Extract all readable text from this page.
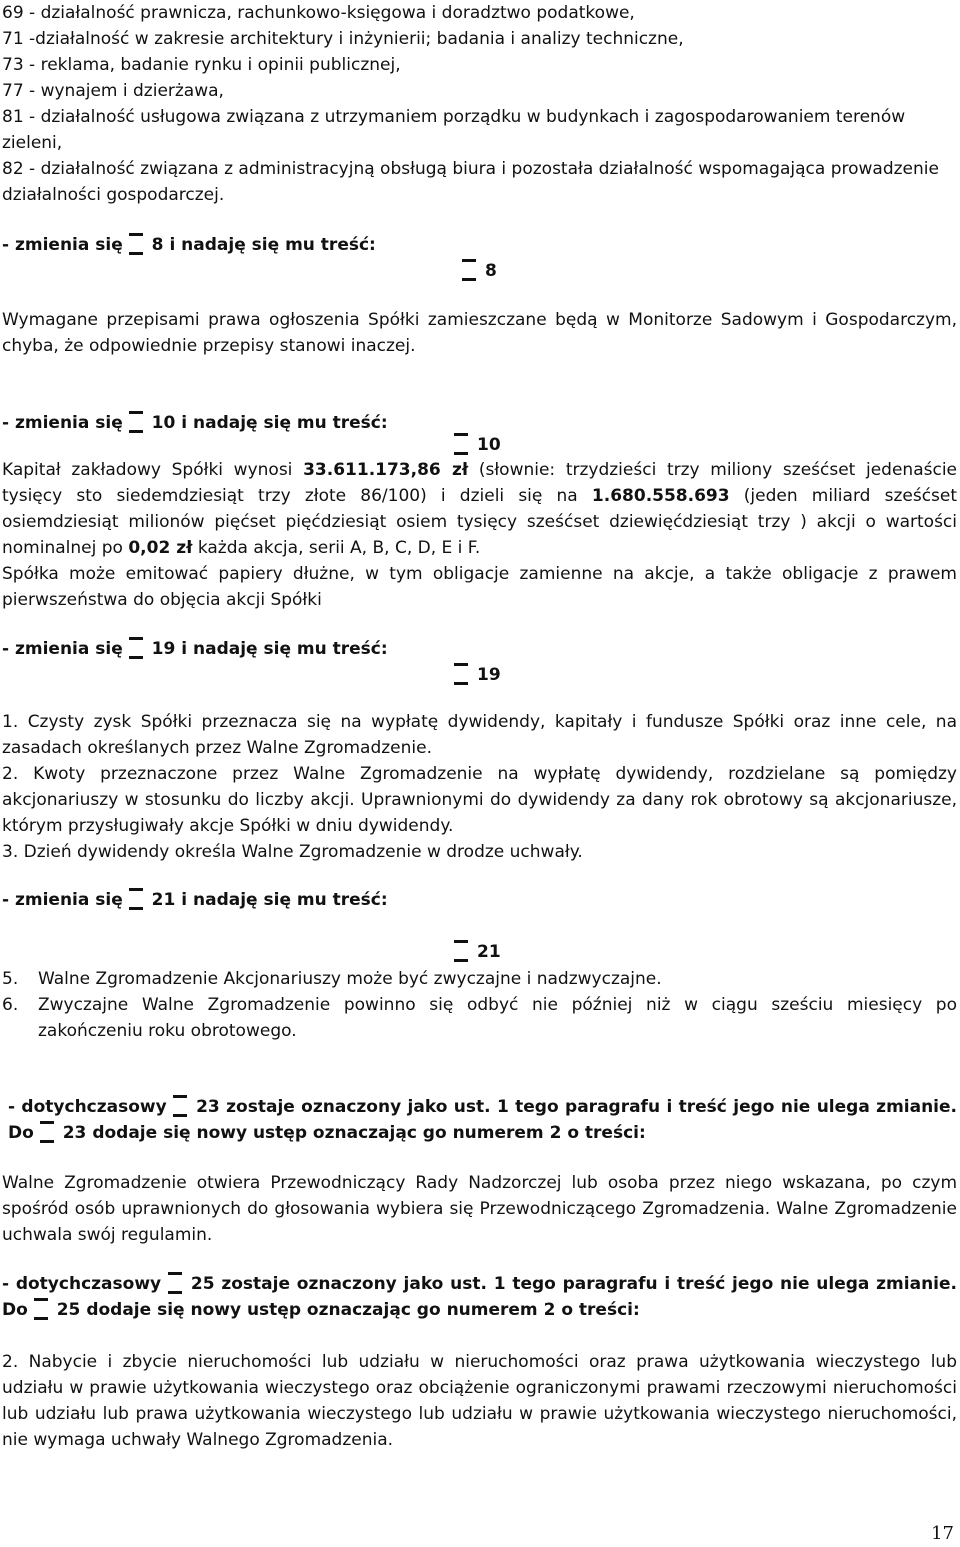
69 - działalność prawnicza, rachunkowo-księgowa i doradztwo podatkowe,

71 -działalność w zakresie architektury i inżynierii; badania i analizy techniczne,

73 - reklama, badanie rynku i opinii publicznej,

77 - wynajem i dzierżawa,

81 - działalność usługowa związana z utrzymaniem porządku w budynkach i zagospodarowaniem terenów zieleni,

82 - działalność związana z administracyjną obsługą biura i pozostała działalność wspomagająca prowadzenie działalności gospodarczej.

- zmienia się 8 i nadaję się mu treść:

8

Wymagane przepisami prawa ogłoszenia Spółki zamieszczane będą w Monitorze Sadowym i Gospodarczym, chyba, że odpowiednie przepisy stanowi inaczej.

- zmienia się 10 i nadaję się mu treść:

10

Kapitał zakładowy Spółki wynosi 33.611.173,86 zł (słownie: trzydzieści trzy miliony sześćset jedenaście tysięcy sto siedemdziesiąt trzy złote 86/100) i dzieli się na 1.680.558.693 (jeden miliard sześćset osiemdziesiąt milionów pięćset pięćdziesiąt osiem tysięcy sześćset dziewięćdziesiąt trzy ) akcji o wartości nominalnej po 0,02 zł każda akcja, serii A, B, C, D, E i F.

Spółka może emitować papiery dłużne, w tym obligacje zamienne na akcje, a także obligacje z prawem pierwszeństwa do objęcia akcji Spółki

- zmienia się 19 i nadaję się mu treść:

19

1. Czysty zysk Spółki przeznacza się na wypłatę dywidendy, kapitały i fundusze Spółki oraz inne cele, na zasadach określanych przez Walne Zgromadzenie.
2. Kwoty przeznaczone przez Walne Zgromadzenie na wypłatę dywidendy, rozdzielane są pomiędzy akcjonariuszy w stosunku do liczby akcji. Uprawnionymi do dywidendy za dany rok obrotowy są akcjonariusze, którym przysługiwały akcje Spółki w dniu dywidendy.
3. Dzień dywidendy określa Walne Zgromadzenie w drodze uchwały.

- zmienia się 21 i nadaję się mu treść:

21

5. Walne Zgromadzenie Akcjonariuszy może być zwyczajne i nadzwyczajne.
6. Zwyczajne Walne Zgromadzenie powinno się odbyć nie później niż w ciągu sześciu miesięcy po zakończeniu roku obrotowego.

- dotychczasowy 23 zostaje oznaczony jako ust. 1 tego paragrafu i treść jego nie ulega zmianie. Do 23 dodaje się nowy ustęp oznaczając go numerem 2 o treści:

Walne Zgromadzenie otwiera Przewodniczący Rady Nadzorczej lub osoba przez niego wskazana, po czym spośród osób uprawnionych do głosowania wybiera się Przewodniczącego Zgromadzenia. Walne Zgromadzenie uchwala swój regulamin.

- dotychczasowy 25 zostaje oznaczony jako ust. 1 tego paragrafu i treść jego nie ulega zmianie. Do 25 dodaje się nowy ustęp oznaczając go numerem 2 o treści:

2. Nabycie i zbycie nieruchomości lub udziału w nieruchomości oraz prawa użytkowania wieczystego lub udziału w prawie użytkowania wieczystego oraz obciążenie ograniczonymi prawami rzeczowymi nieruchomości lub udziału lub prawa użytkowania wieczystego lub udziału w prawie użytkowania wieczystego nieruchomości, nie wymaga uchwały Walnego Zgromadzenia.

17
